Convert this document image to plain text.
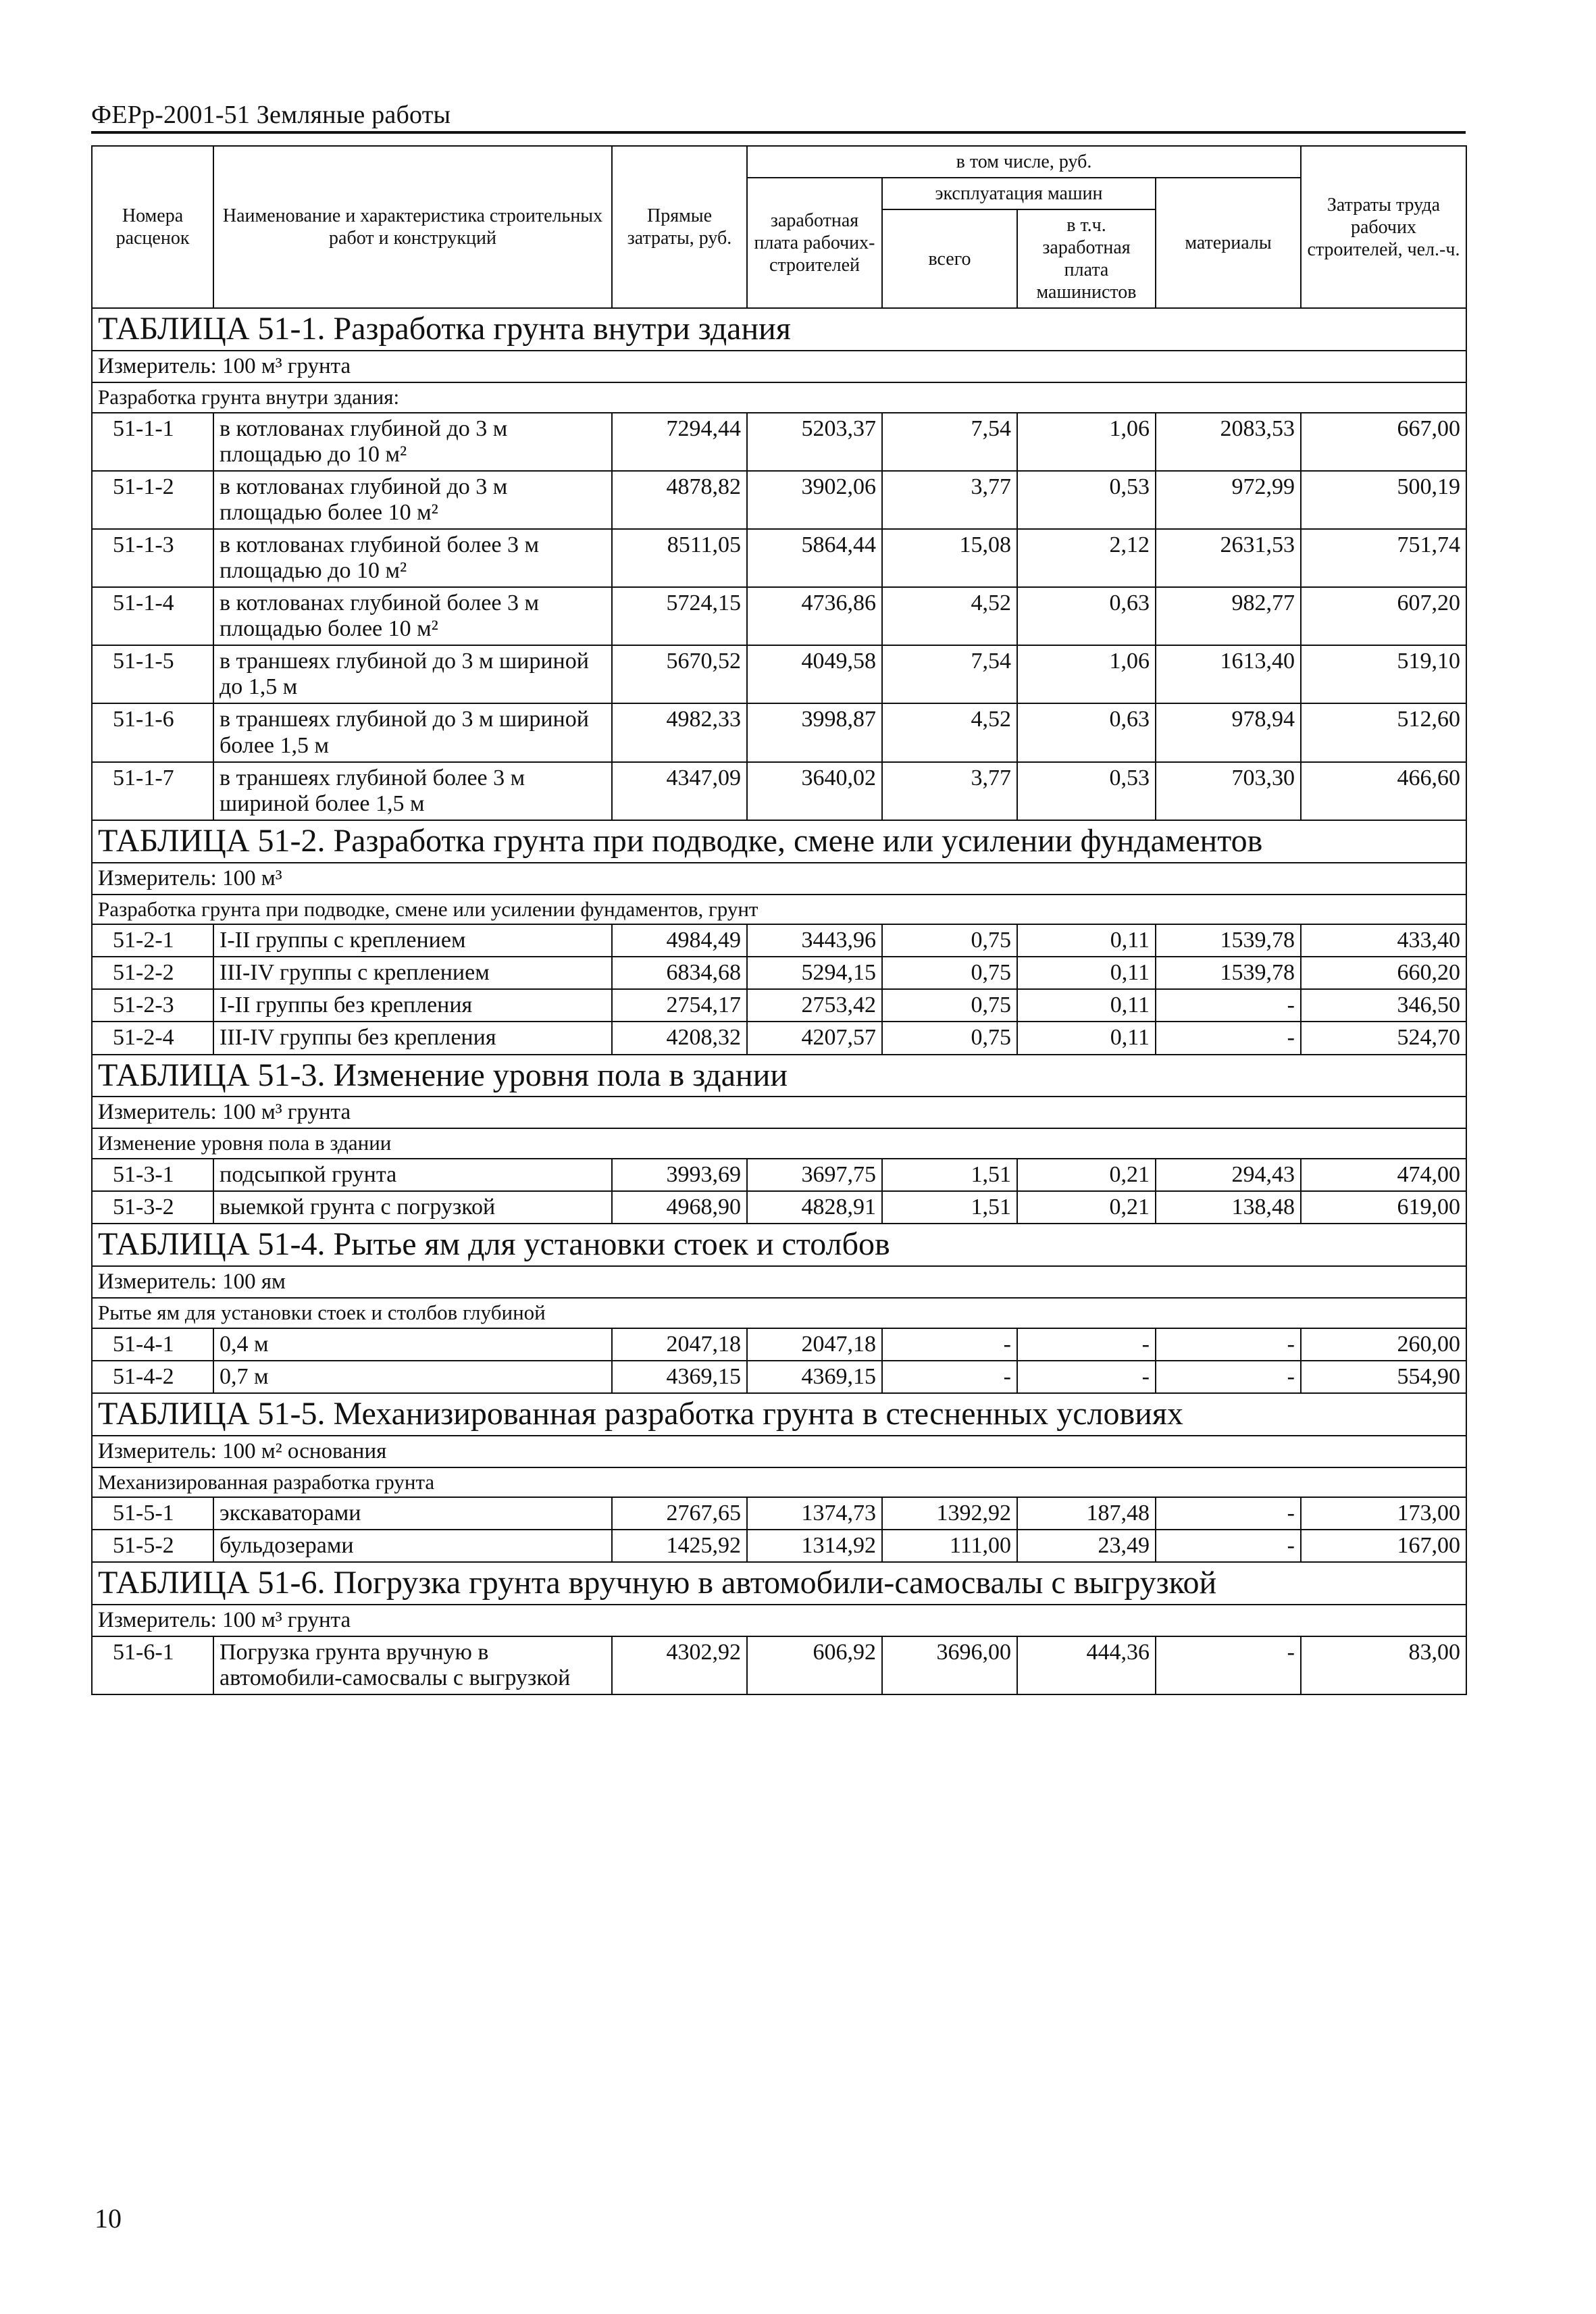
ФЕРр-2001-51 Земляные работы
Номера расценок	Наименование и характеристика строительных работ и конструкций	Прямые затраты, руб.	в том числе, руб.				Затраты труда рабочих строителей, чел.-ч.
			заработная плата рабочих-строителей	эксплуатация машин		материалы	
				всего	в т.ч. заработная плата машинистов		
ТАБЛИЦА 51-1. Разработка грунта внутри здания							
Измеритель: 100 м³ грунта							
Разработка грунта внутри здания:							
51-1-1	в котлованах глубиной до 3 м площадью до 10 м²	7294,44	5203,37	7,54	1,06	2083,53	667,00
51-1-2	в котлованах глубиной до 3 м площадью более 10 м²	4878,82	3902,06	3,77	0,53	972,99	500,19
51-1-3	в котлованах глубиной более 3 м площадью до 10 м²	8511,05	5864,44	15,08	2,12	2631,53	751,74
51-1-4	в котлованах глубиной более 3 м площадью более 10 м²	5724,15	4736,86	4,52	0,63	982,77	607,20
51-1-5	в траншеях глубиной до 3 м шириной до 1,5 м	5670,52	4049,58	7,54	1,06	1613,40	519,10
51-1-6	в траншеях глубиной до 3 м шириной более 1,5 м	4982,33	3998,87	4,52	0,63	978,94	512,60
51-1-7	в траншеях глубиной более 3 м шириной более 1,5 м	4347,09	3640,02	3,77	0,53	703,30	466,60
ТАБЛИЦА 51-2. Разработка грунта при подводке, смене или усилении фундаментов							
Измеритель: 100 м³							
Разработка грунта при подводке, смене или усилении фундаментов, грунт							
51-2-1	I-II группы с креплением	4984,49	3443,96	0,75	0,11	1539,78	433,40
51-2-2	III-IV группы с креплением	6834,68	5294,15	0,75	0,11	1539,78	660,20
51-2-3	I-II группы без крепления	2754,17	2753,42	0,75	0,11	-	346,50
51-2-4	III-IV группы без крепления	4208,32	4207,57	0,75	0,11	-	524,70
ТАБЛИЦА 51-3. Изменение уровня пола в здании							
Измеритель: 100 м³ грунта							
Изменение уровня пола в здании							
51-3-1	подсыпкой грунта	3993,69	3697,75	1,51	0,21	294,43	474,00
51-3-2	выемкой грунта с погрузкой	4968,90	4828,91	1,51	0,21	138,48	619,00
ТАБЛИЦА 51-4. Рытье ям для установки стоек и столбов							
Измеритель: 100 ям							
Рытье ям для установки стоек и столбов глубиной							
51-4-1	0,4 м	2047,18	2047,18	-	-	-	260,00
51-4-2	0,7 м	4369,15	4369,15	-	-	-	554,90
ТАБЛИЦА 51-5. Механизированная разработка грунта в стесненных условиях							
Измеритель: 100 м² основания							
Механизированная разработка грунта							
51-5-1	экскаваторами	2767,65	1374,73	1392,92	187,48	-	173,00
51-5-2	бульдозерами	1425,92	1314,92	111,00	23,49	-	167,00
ТАБЛИЦА 51-6. Погрузка грунта вручную в автомобили-самосвалы с выгрузкой							
Измеритель: 100 м³ грунта							
51-6-1	Погрузка грунта вручную в автомобили-самосвалы с выгрузкой	4302,92	606,92	3696,00	444,36	-	83,00
10
